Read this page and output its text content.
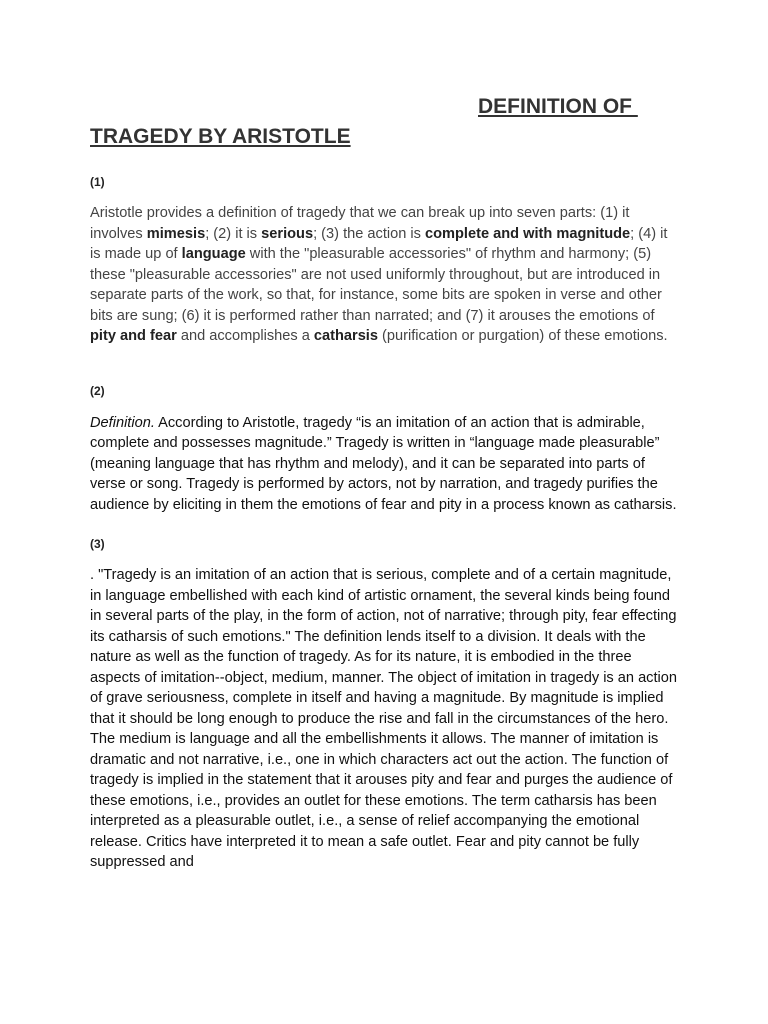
DEFINITION OF
TRAGEDY BY ARISTOTLE

(1)

Aristotle provides a definition of tragedy that we can break up into seven parts: (1) it involves mimesis; (2) it is serious; (3) the action is complete and with magnitude; (4) it is made up of language with the "pleasurable accessories" of rhythm and harmony; (5) these "pleasurable accessories" are not used uniformly throughout, but are introduced in separate parts of the work, so that, for instance, some bits are spoken in verse and other bits are sung; (6) it is performed rather than narrated; and (7) it arouses the emotions of pity and fear and accomplishes a catharsis (purification or purgation) of these emotions.

(2)

Definition. According to Aristotle, tragedy “is an imitation of an action that is admirable, complete and possesses magnitude.” Tragedy is written in “language made pleasurable” (meaning language that has rhythm and melody), and it can be separated into parts of verse or song. Tragedy is performed by actors, not by narration, and tragedy purifies the audience by eliciting in them the emotions of fear and pity in a process known as catharsis.

(3)

. "Tragedy is an imitation of an action that is serious, complete and of a certain magnitude, in language embellished with each kind of artistic ornament, the several kinds being found in several parts of the play, in the form of action, not of narrative; through pity, fear effecting its catharsis of such emotions." The definition lends itself to a division. It deals with the nature as well as the function of tragedy. As for its nature, it is embodied in the three aspects of imitation--object, medium, manner. The object of imitation in tragedy is an action of grave seriousness, complete in itself and having a magnitude. By magnitude is implied that it should be long enough to produce the rise and fall in the circumstances of the hero. The medium is language and all the embellishments it allows. The manner of imitation is dramatic and not narrative, i.e., one in which characters act out the action. The function of tragedy is implied in the statement that it arouses pity and fear and purges the audience of these emotions, i.e., provides an outlet for these emotions. The term catharsis has been interpreted as a pleasurable outlet, i.e., a sense of relief accompanying the emotional release. Critics have interpreted it to mean a safe outlet. Fear and pity cannot be fully suppressed and
